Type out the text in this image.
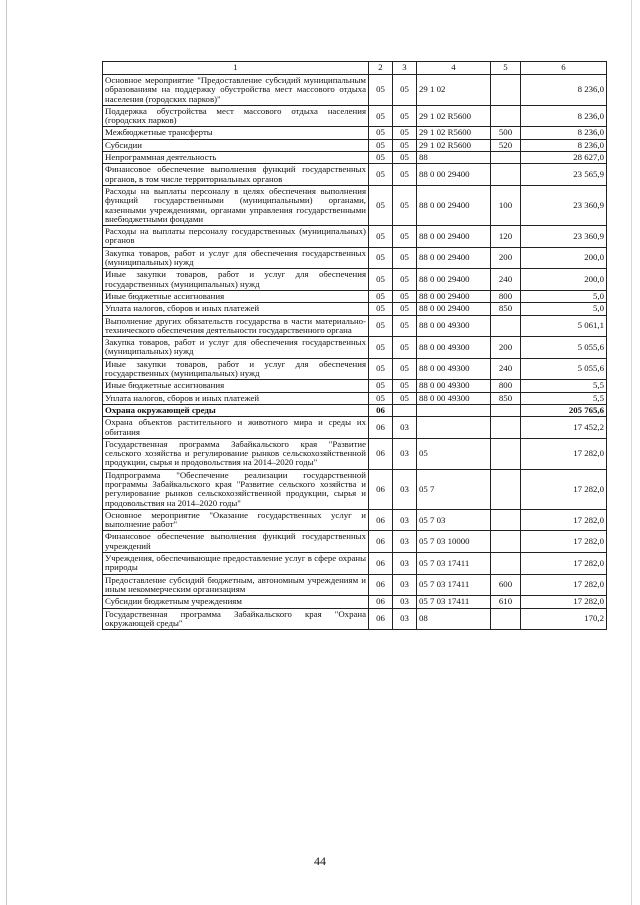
1	2	3	4	5	6
Основное мероприятие "Предоставление субсидий муниципальным образованиям на поддержку обустройства мест массового отдыха населения (городских парков)"	05	05	29 1 02		8 236,0
Поддержка обустройства мест массового отдыха населения (городских парков)	05	05	29 1 02 R5600		8 236,0
Межбюджетные трансферты	05	05	29 1 02 R5600	500	8 236,0
Субсидии	05	05	29 1 02 R5600	520	8 236,0
Непрограммная деятельность	05	05	88		28 627,0
Финансовое обеспечение выполнения функций государственных органов, в том числе территориальных органов	05	05	88 0 00 29400		23 565,9
Расходы на выплаты персоналу в целях обеспечения выполнения функций государственными (муниципальными) органами, казенными учреждениями, органами управления государственными внебюджетными фондами	05	05	88 0 00 29400	100	23 360,9
Расходы на выплаты персоналу государственных (муниципальных) органов	05	05	88 0 00 29400	120	23 360,9
Закупка товаров, работ и услуг для обеспечения государственных (муниципальных) нужд	05	05	88 0 00 29400	200	200,0
Иные закупки товаров, работ и услуг для обеспечения государственных (муниципальных) нужд	05	05	88 0 00 29400	240	200,0
Иные бюджетные ассигнования	05	05	88 0 00 29400	800	5,0
Уплата налогов, сборов и иных платежей	05	05	88 0 00 29400	850	5,0
Выполнение других обязательств государства в части материально-технического обеспечения деятельности государственного органа	05	05	88 0 00 49300		5 061,1
Закупка товаров, работ и услуг для обеспечения государственных (муниципальных) нужд	05	05	88 0 00 49300	200	5 055,6
Иные закупки товаров, работ и услуг для обеспечения государственных (муниципальных) нужд	05	05	88 0 00 49300	240	5 055,6
Иные бюджетные ассигнования	05	05	88 0 00 49300	800	5,5
Уплата налогов, сборов и иных платежей	05	05	88 0 00 49300	850	5,5
Охрана окружающей среды	06				205 765,6
Охрана объектов растительного и животного мира и среды их обитания	06	03			17 452,2
Государственная программа Забайкальского края "Развитие сельского хозяйства и регулирование рынков сельскохозяйственной продукции, сырья и продовольствия на 2014–2020 годы"	06	03	05		17 282,0
Подпрограмма "Обеспечение реализации государственной программы Забайкальского края "Развитие сельского хозяйства и регулирование рынков сельскохозяйственной продукции, сырья и продовольствия на 2014–2020 годы"	06	03	05 7		17 282,0
Основное мероприятие "Оказание государственных услуг и выполнение работ"	06	03	05 7 03		17 282,0
Финансовое обеспечение выполнения функций государственных учреждений	06	03	05 7 03 10000		17 282,0
Учреждения, обеспечивающие предоставление услуг в сфере охраны природы	06	03	05 7 03 17411		17 282,0
Предоставление субсидий бюджетным, автономным учреждениям и иным некоммерческим организациям	06	03	05 7 03 17411	600	17 282,0
Субсидии бюджетным учреждениям	06	03	05 7 03 17411	610	17 282,0
Государственная программа Забайкальского края "Охрана окружающей среды"	06	03	08		170,2
44
